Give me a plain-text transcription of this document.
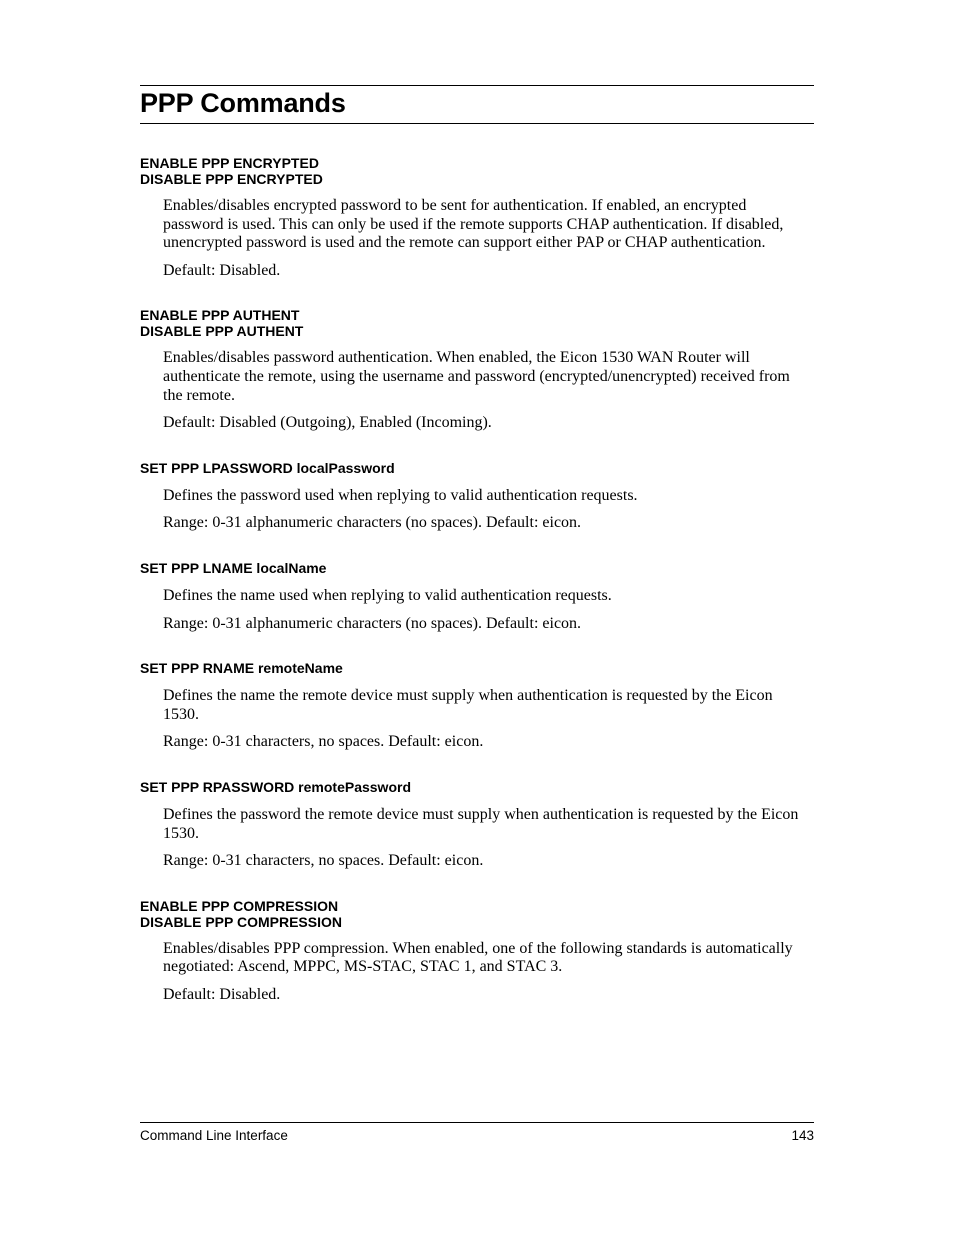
PPP Commands
ENABLE PPP ENCRYPTED
DISABLE PPP ENCRYPTED

Enables/disables encrypted password to be sent for authentication. If enabled, an encrypted password is used. This can only be used if the remote supports CHAP authentication. If disabled, unencrypted password is used and the remote can support either PAP or CHAP authentication.

Default: Disabled.

ENABLE PPP AUTHENT
DISABLE PPP AUTHENT

Enables/disables password authentication. When enabled, the Eicon 1530 WAN Router will authenticate the remote, using the username and password (encrypted/unencrypted) received from the remote.

Default: Disabled (Outgoing), Enabled (Incoming).

SET PPP LPASSWORD localPassword

Defines the password used when replying to valid authentication requests.

Range: 0-31 alphanumeric characters (no spaces). Default: eicon.

SET PPP LNAME localName

Defines the name used when replying to valid authentication requests.

Range: 0-31 alphanumeric characters (no spaces). Default: eicon.

SET PPP RNAME remoteName

Defines the name the remote device must supply when authentication is requested by the Eicon 1530.

Range: 0-31 characters, no spaces. Default: eicon.

SET PPP RPASSWORD remotePassword

Defines the password the remote device must supply when authentication is requested by the Eicon 1530.

Range: 0-31 characters, no spaces. Default: eicon.

ENABLE PPP COMPRESSION
DISABLE PPP COMPRESSION

Enables/disables PPP compression. When enabled, one of the following standards is automatically negotiated: Ascend, MPPC, MS-STAC, STAC 1, and STAC 3.

Default: Disabled.

Command Line Interface	143
